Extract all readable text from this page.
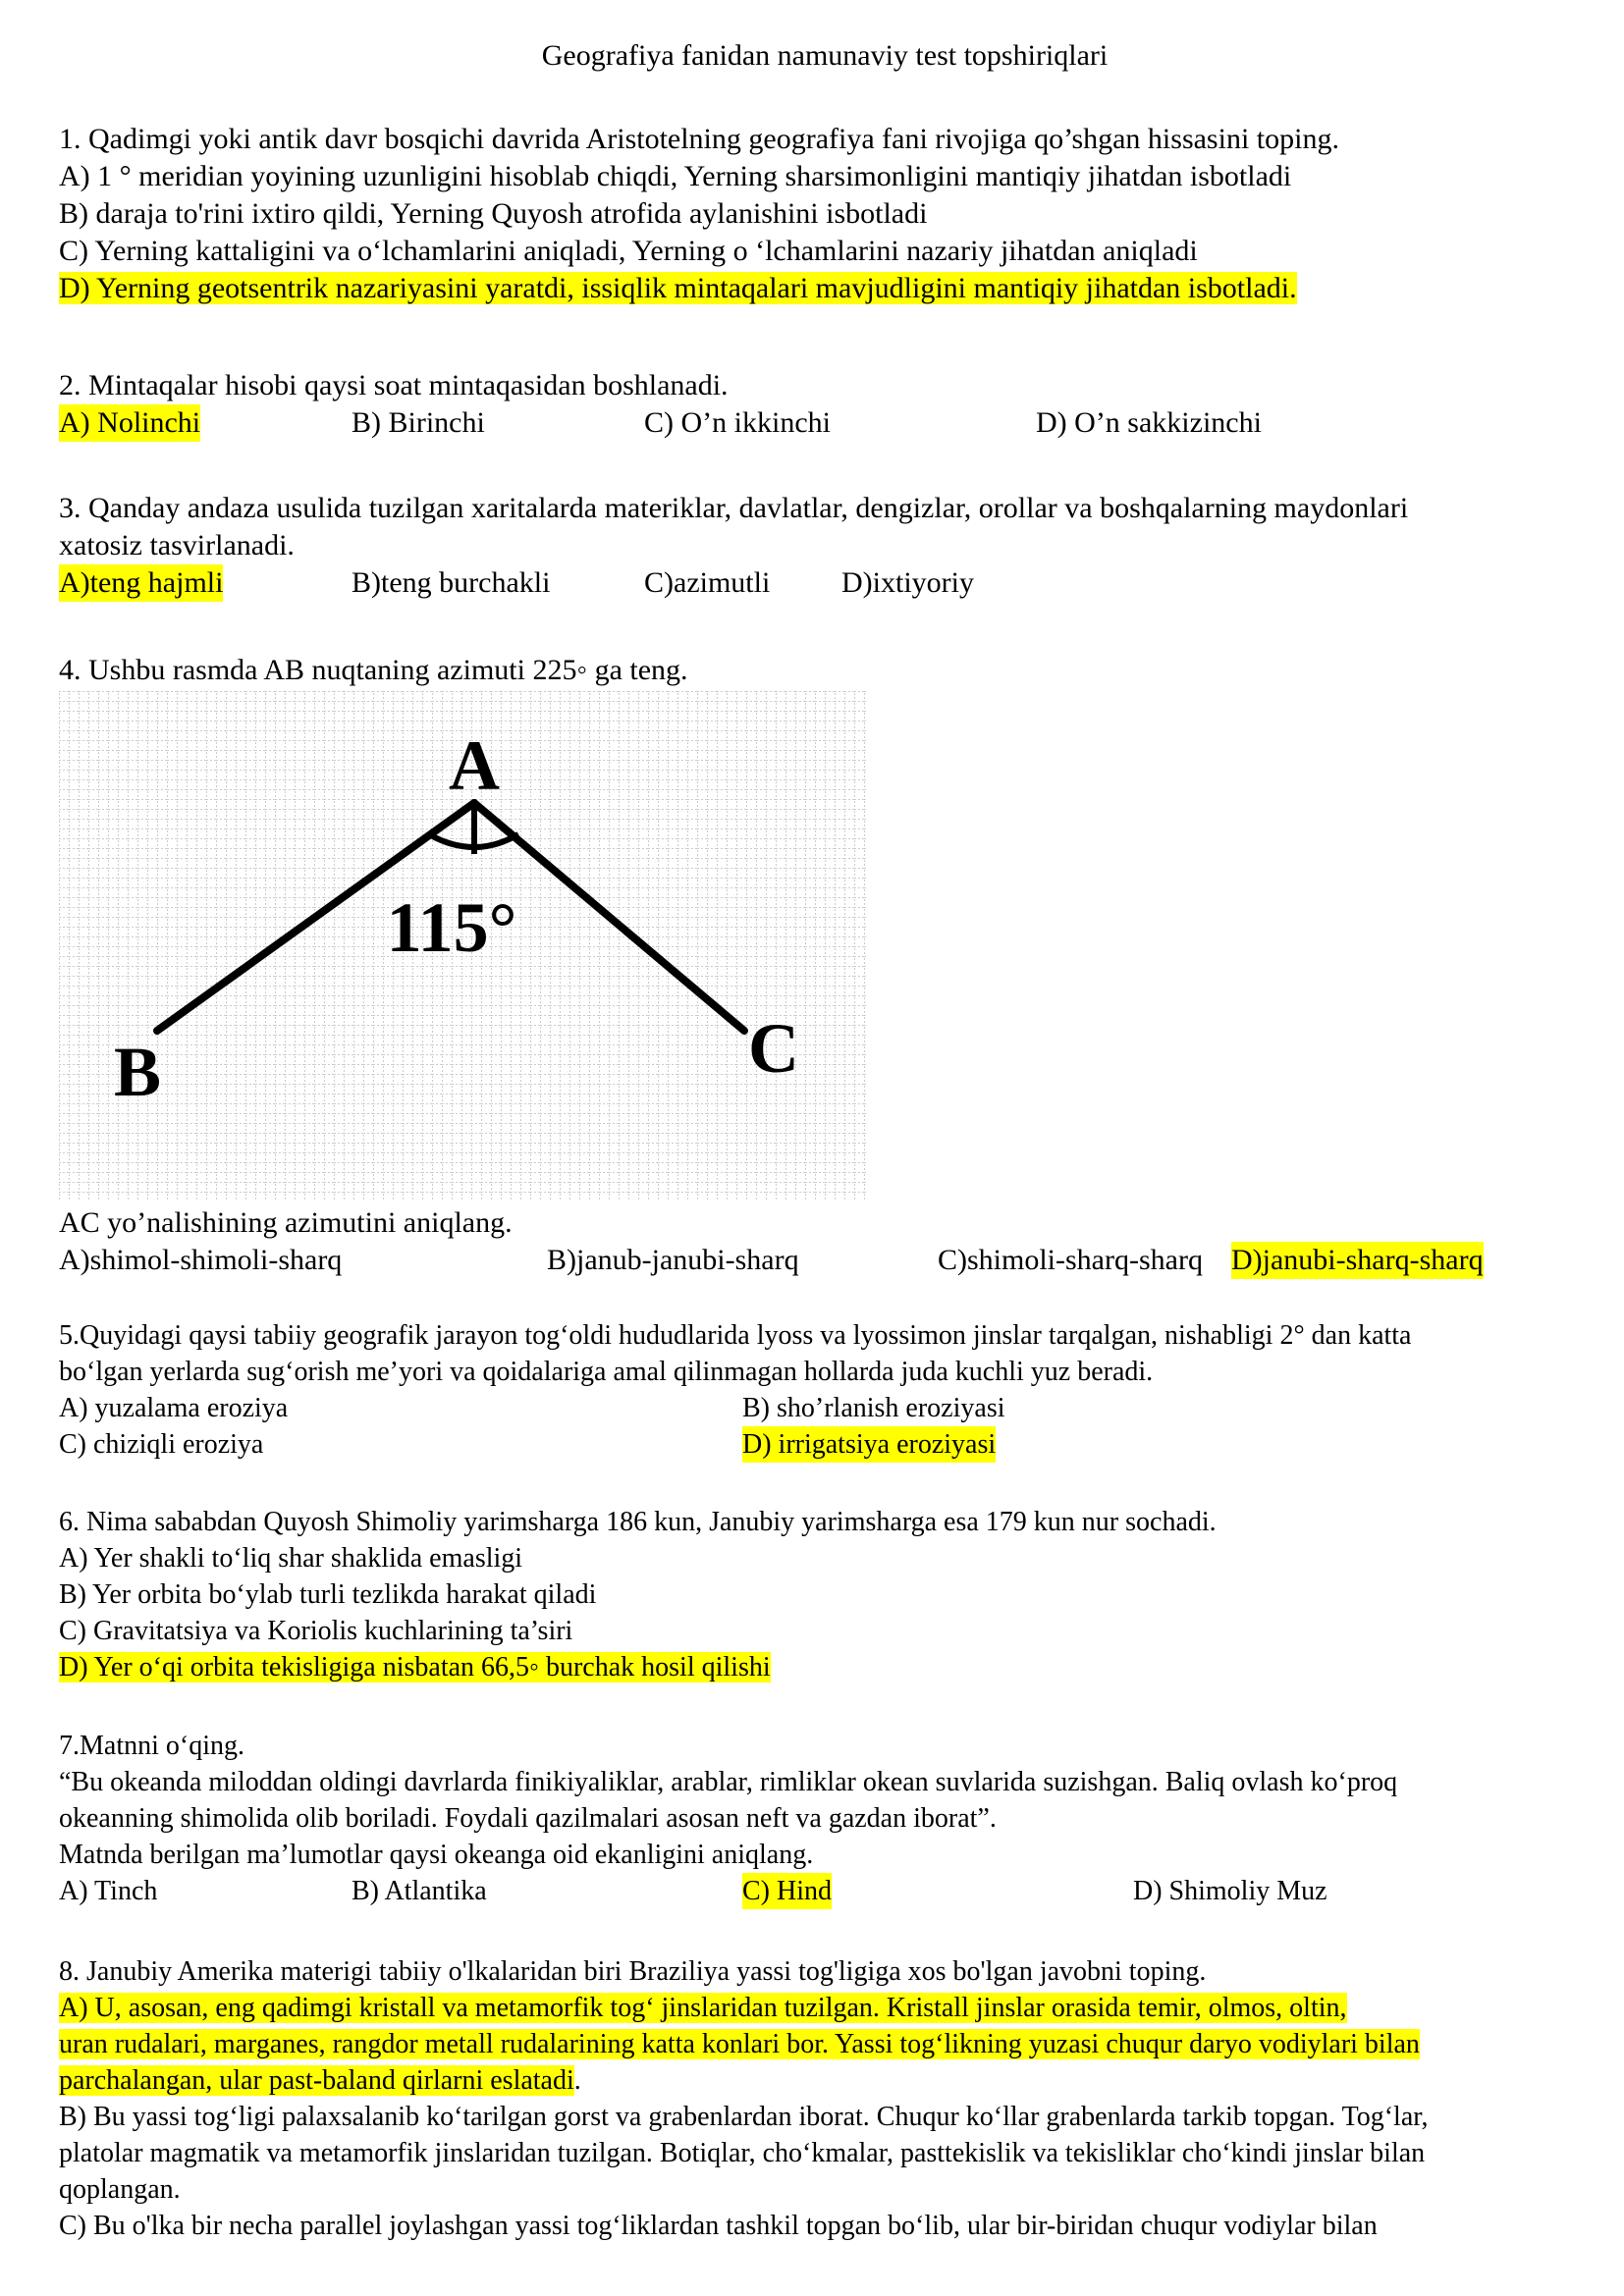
Geografiya fanidan namunaviy test topshiriqlari
1. Qadimgi yoki antik davr bosqichi davrida Aristotelning geografiya fani rivojiga qo’shgan hissasini toping.
A) 1 ° meridian yoyining uzunligini hisoblab chiqdi, Yerning sharsimonligini mantiqiy jihatdan isbotladi
B) daraja to'rini ixtiro qildi, Yerning Quyosh atrofida aylanishini isbotladi
C) Yerning kattaligini va o‘lchamlarini aniqladi, Yerning o ‘lchamlarini nazariy jihatdan aniqladi
D) Yerning geotsentrik nazariyasini yaratdi, issiqlik mintaqalari mavjudligini mantiqiy jihatdan isbotladi.
2. Mintaqalar hisobi qaysi soat mintaqasidan boshlanadi.
A) Nolinchi	B) Birinchi	C) O’n ikkinchi	D) O’n sakkizinchi
3. Qanday andaza usulida tuzilgan xaritalarda materiklar, davlatlar, dengizlar, orollar va boshqalarning maydonlari
xatosiz tasvirlanadi.
A)teng hajmli	B)teng burchakli	C)azimutli D)ixtiyoriy
4. Ushbu rasmda AB nuqtaning azimuti 225◦ ga teng.
A
B	C
115°
AC yo’nalishining azimutini aniqlang.
A)shimol-shimoli-sharq	B)janub-janubi-sharq	C)shimoli-sharq-sharq D)janubi-sharq-sharq
5.Quyidagi qaysi tabiiy geografik jarayon tog‘oldi hududlarida lyoss va lyossimon jinslar tarqalgan, nishabligi 2° dan katta
bo‘lgan yerlarda sug‘orish me’yori va qoidalariga amal qilinmagan hollarda juda kuchli yuz beradi.
A) yuzalama eroziya	B) sho’rlanish eroziyasi
C) chiziqli eroziya	D) irrigatsiya eroziyasi
6. Nima sababdan Quyosh Shimoliy yarimsharga 186 kun, Janubiy yarimsharga esa 179 kun nur sochadi.
A) Yer shakli to‘liq shar shaklida emasligi
B) Yer orbita bo‘ylab turli tezlikda harakat qiladi
C) Gravitatsiya va Koriolis kuchlarining ta’siri
D) Yer o‘qi orbita tekisligiga nisbatan 66,5◦ burchak hosil qilishi
7.Matnni o‘qing.
“Bu okeanda miloddan oldingi davrlarda finikiyaliklar, arablar, rimliklar okean suvlarida suzishgan. Baliq ovlash ko‘proq
okeanning shimolida olib boriladi. Foydali qazilmalari asosan neft va gazdan iborat”.
Matnda berilgan ma’lumotlar qaysi okeanga oid ekanligini aniqlang.
A) Tinch	B) Atlantika	C) Hind	D) Shimoliy Muz
8. Janubiy Amerika materigi tabiiy o'lkalaridan biri Braziliya yassi tog'ligiga xos bo'lgan javobni toping.
A) U, asosan, eng qadimgi kristall va metamorfik tog‘ jinslaridan tuzilgan. Kristall jinslar orasida temir, olmos, oltin,
uran rudalari, marganes, rangdor metall rudalarining katta konlari bor. Yassi tog‘likning yuzasi chuqur daryo vodiylari bilan
parchalangan, ular past-baland qirlarni eslatadi.
B) Bu yassi tog‘ligi palaxsalanib ko‘tarilgan gorst va grabenlardan iborat. Chuqur ko‘llar grabenlarda tarkib topgan. Tog‘lar,
platolar magmatik va metamorfik jinslaridan tuzilgan. Botiqlar, cho‘kmalar, pasttekislik va tekisliklar cho‘kindi jinslar bilan
qoplangan.
C) Bu o'lka bir necha parallel joylashgan yassi tog‘liklardan tashkil topgan bo‘lib, ular bir-biridan chuqur vodiylar bilan
